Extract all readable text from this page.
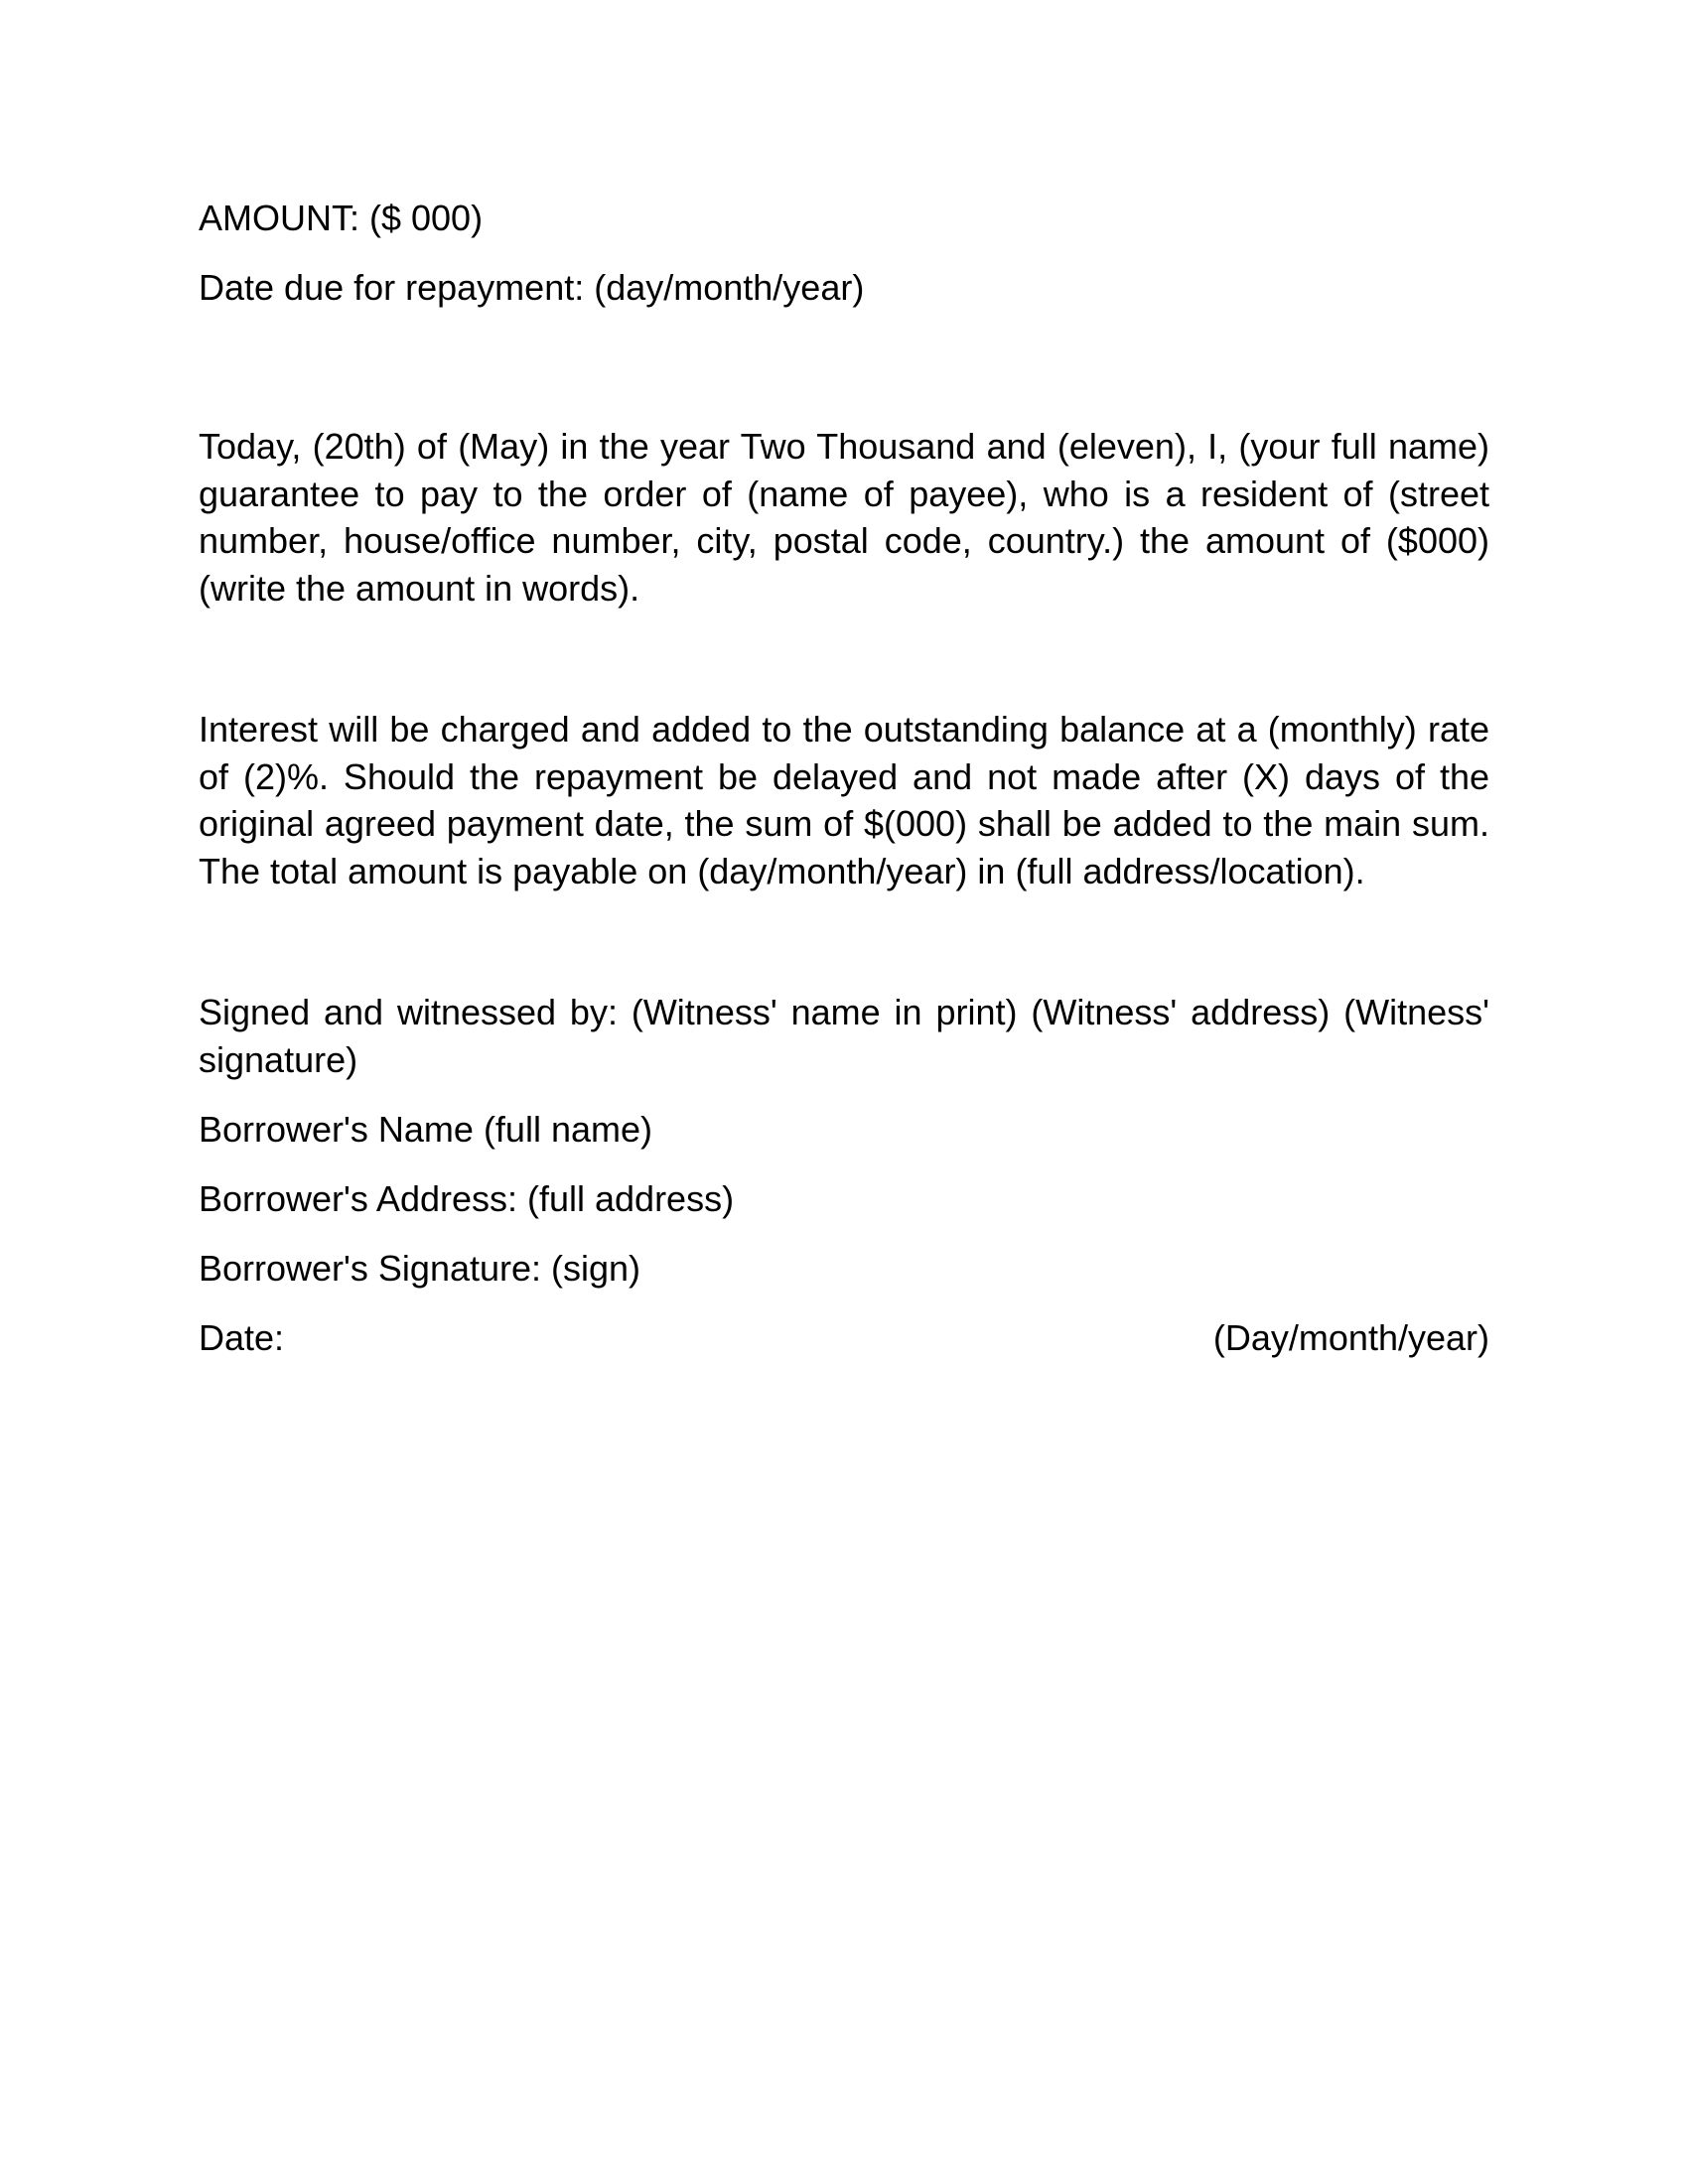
AMOUNT: ($ 000)
Date due for repayment: (day/month/year)

Today, (20th) of (May) in the year Two Thousand and (eleven), I, (your full name) guarantee to pay to the order of (name of payee), who is a resident of (street number, house/office number, city, postal code, country.) the amount of ($000) (write the amount in words).

Interest will be charged and added to the outstanding balance at a (monthly) rate of (2)%. Should the repayment be delayed and not made after (X) days of the original agreed payment date, the sum of $(000) shall be added to the main sum. The total amount is payable on (day/month/year) in (full address/location).

Signed and witnessed by: (Witness' name in print) (Witness' address) (Witness' signature)

Borrower's Name (full name)
Borrower's Address: (full address)
Borrower's Signature: (sign)
Date:	(Day/month/year)
